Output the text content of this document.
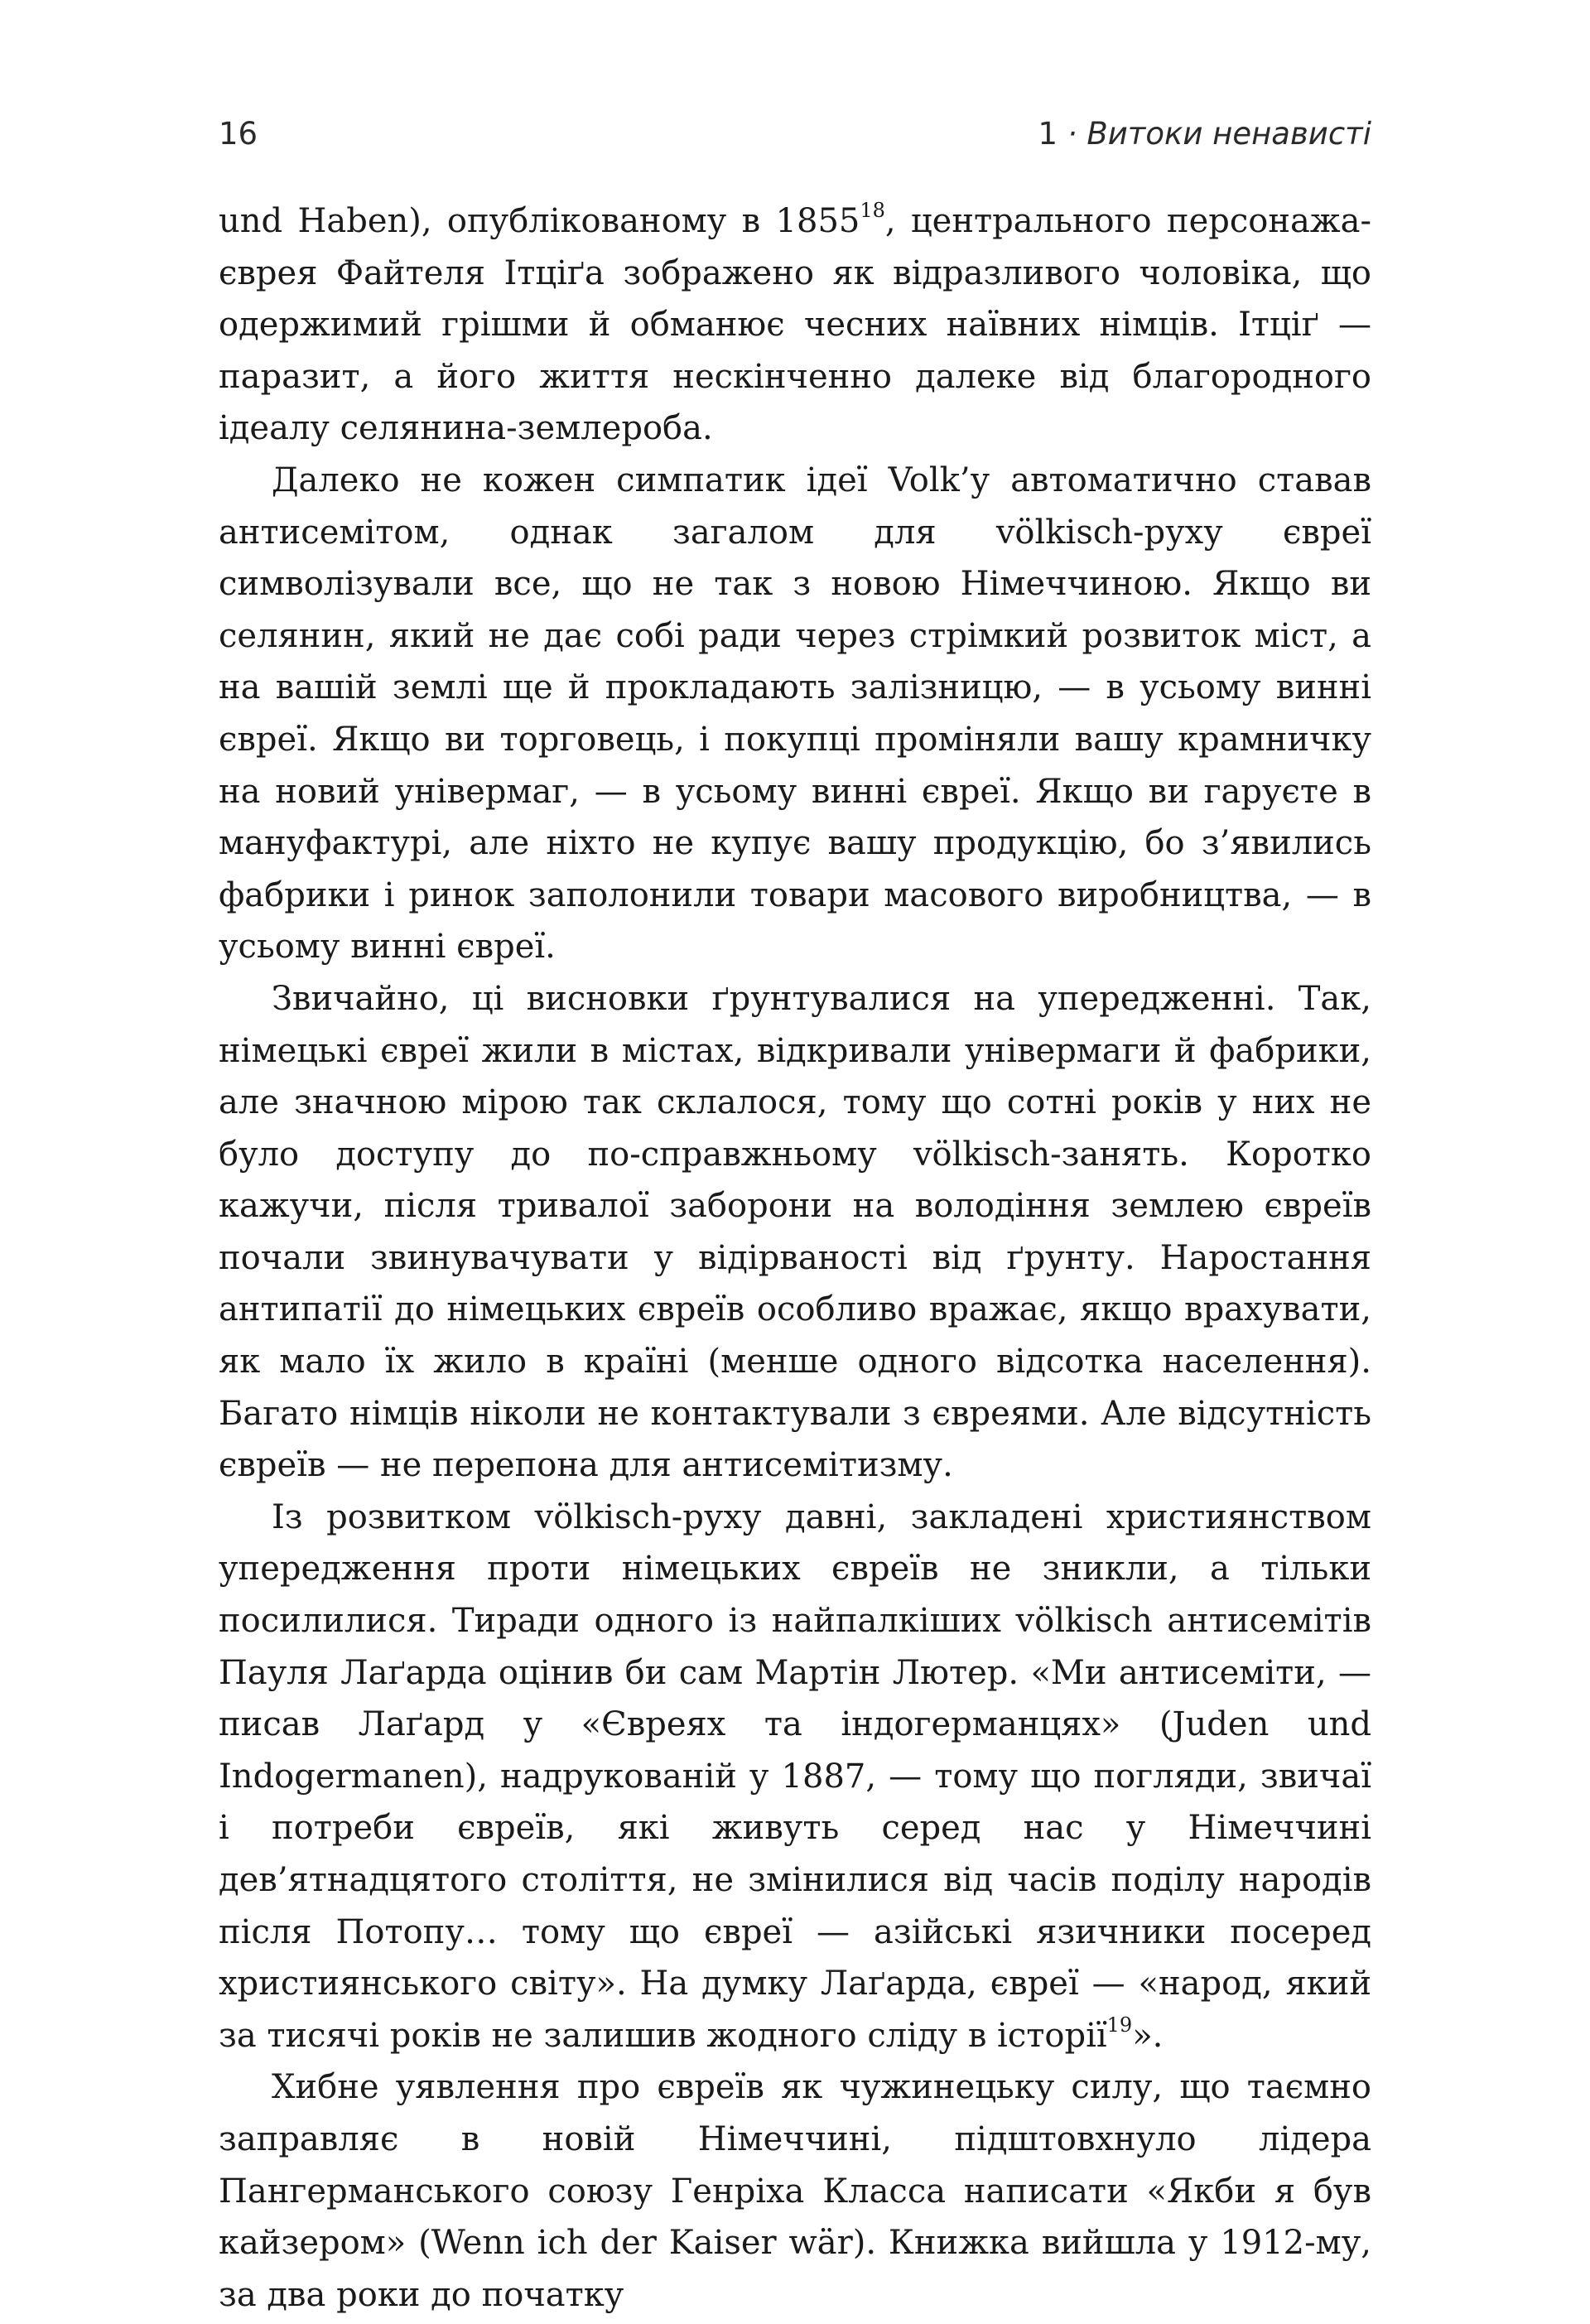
16	1 · Витоки ненависті

und Haben), опублікованому в 1855$^{18}$, центрального персонажа-єврея Файтеля Ітціґа зображено як відразливого чоловіка, що одержимий грішми й обманює чесних наївних німців. Ітціґ — паразит, а його життя нескінченно далеке від благородного ідеалу селянина-землероба.

Далеко не кожен симпатик ідеї Volk’у автоматично ставав антисемітом, однак загалом для völkisch-руху євреї символізували все, що не так з новою Німеччиною. Якщо ви селянин, який не дає собі ради через стрімкий розвиток міст, а на вашій землі ще й прокладають залізницю, — в усьому винні євреї. Якщо ви торговець, і покупці проміняли вашу крамничку на новий універмаг, — в усьому винні євреї. Якщо ви гаруєте в мануфактурі, але ніхто не купує вашу продукцію, бо з’явились фабрики і ринок заполонили товари масового виробництва, — в усьому винні євреї.

Звичайно, ці висновки ґрунтувалися на упередженні. Так, німецькі євреї жили в містах, відкривали універмаги й фабрики, але значною мірою так склалося, тому що сотні років у них не було доступу до по-справжньому völkisch-занять. Коротко кажучи, після тривалої заборони на володіння землею євреїв почали звинувачувати у відірваності від ґрунту. Наростання антипатії до німецьких євреїв особливо вражає, якщо врахувати, як мало їх жило в країні (менше одного відсотка населення). Багато німців ніколи не контактували з євреями. Але відсутність євреїв — не перепона для антисемітизму.

Із розвитком völkisch-руху давні, закладені християнством упередження проти німецьких євреїв не зникли, а тільки посилилися. Тиради одного із найпалкіших völkisch антисемітів Пауля Лаґарда оцінив би сам Мартін Лютер. «Ми антисеміти, — писав Лаґард у «Євреях та індогерманцях» (Juden und Indogermanen), надрукованій у 1887, — тому що погляди, звичаї і потреби євреїв, які живуть серед нас у Німеччині дев’ятнадцятого століття, не змінилися від часів поділу народів після Потопу… тому що євреї — азійські язичники посеред християнського світу». На думку Лаґарда, євреї — «народ, який за тисячі років не залишив жодного сліду в історії$^{19}$».

Хибне уявлення про євреїв як чужинецьку силу, що таємно заправляє в новій Німеччині, підштовхнуло лідера Пангерманського союзу Генріха Класса написати «Якби я був кайзером» (Wenn ich der Kaiser wär). Книжка вийшла у 1912-му, за два роки до початку
